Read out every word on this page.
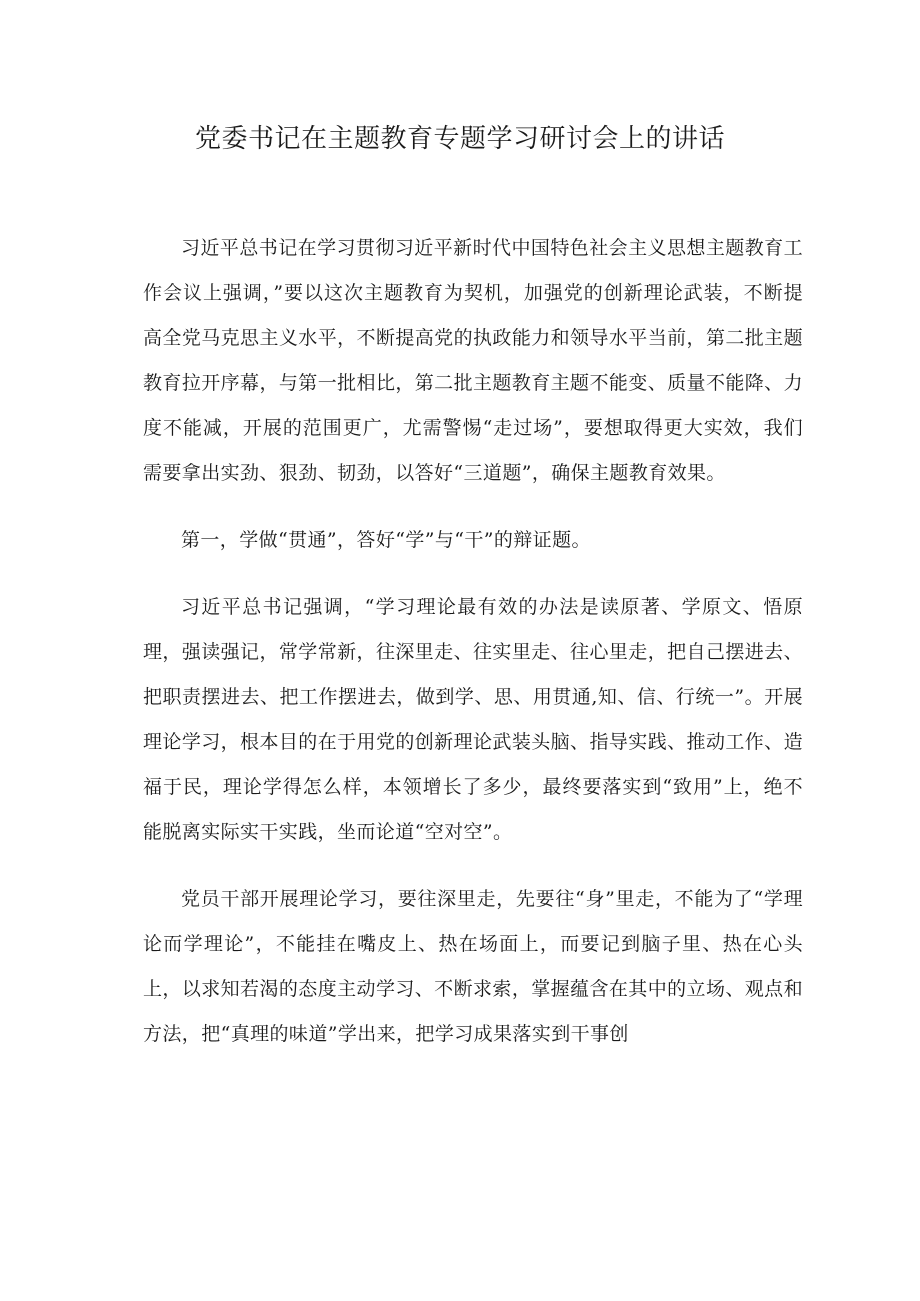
党委书记在主题教育专题学习研讨会上的讲话

习近平总书记在学习贯彻习近平新时代中国特色社会主义思想主题教育工作会议上强调，”要以这次主题教育为契机，加强党的创新理论武装，不断提高全党马克思主义水平，不断提高党的执政能力和领导水平当前，第二批主题教育拉开序幕，与第一批相比，第二批主题教育主题不能变、质量不能降、力度不能减，开展的范围更广，尤需警惕“走过场”，要想取得更大实效，我们需要拿出实劲、狠劲、韧劲，以答好“三道题”，确保主题教育效果。

第一，学做“贯通”，答好“学”与“干”的辩证题。

习近平总书记强调，“学习理论最有效的办法是读原著、学原文、悟原理，强读强记，常学常新，往深里走、往实里走、往心里走，把自己摆进去、把职责摆进去、把工作摆进去，做到学、思、用贯通,知、信、行统一”。开展理论学习，根本目的在于用党的创新理论武装头脑、指导实践、推动工作、造福于民，理论学得怎么样，本领增长了多少，最终要落实到“致用”上，绝不能脱离实际实干实践，坐而论道“空对空”。

党员干部开展理论学习，要往深里走，先要往“身”里走，不能为了“学理论而学理论”，不能挂在嘴皮上、热在场面上，而要记到脑子里、热在心头上，以求知若渴的态度主动学习、不断求索，掌握蕴含在其中的立场、观点和方法，把“真理的味道”学出来，把学习成果落实到干事创
